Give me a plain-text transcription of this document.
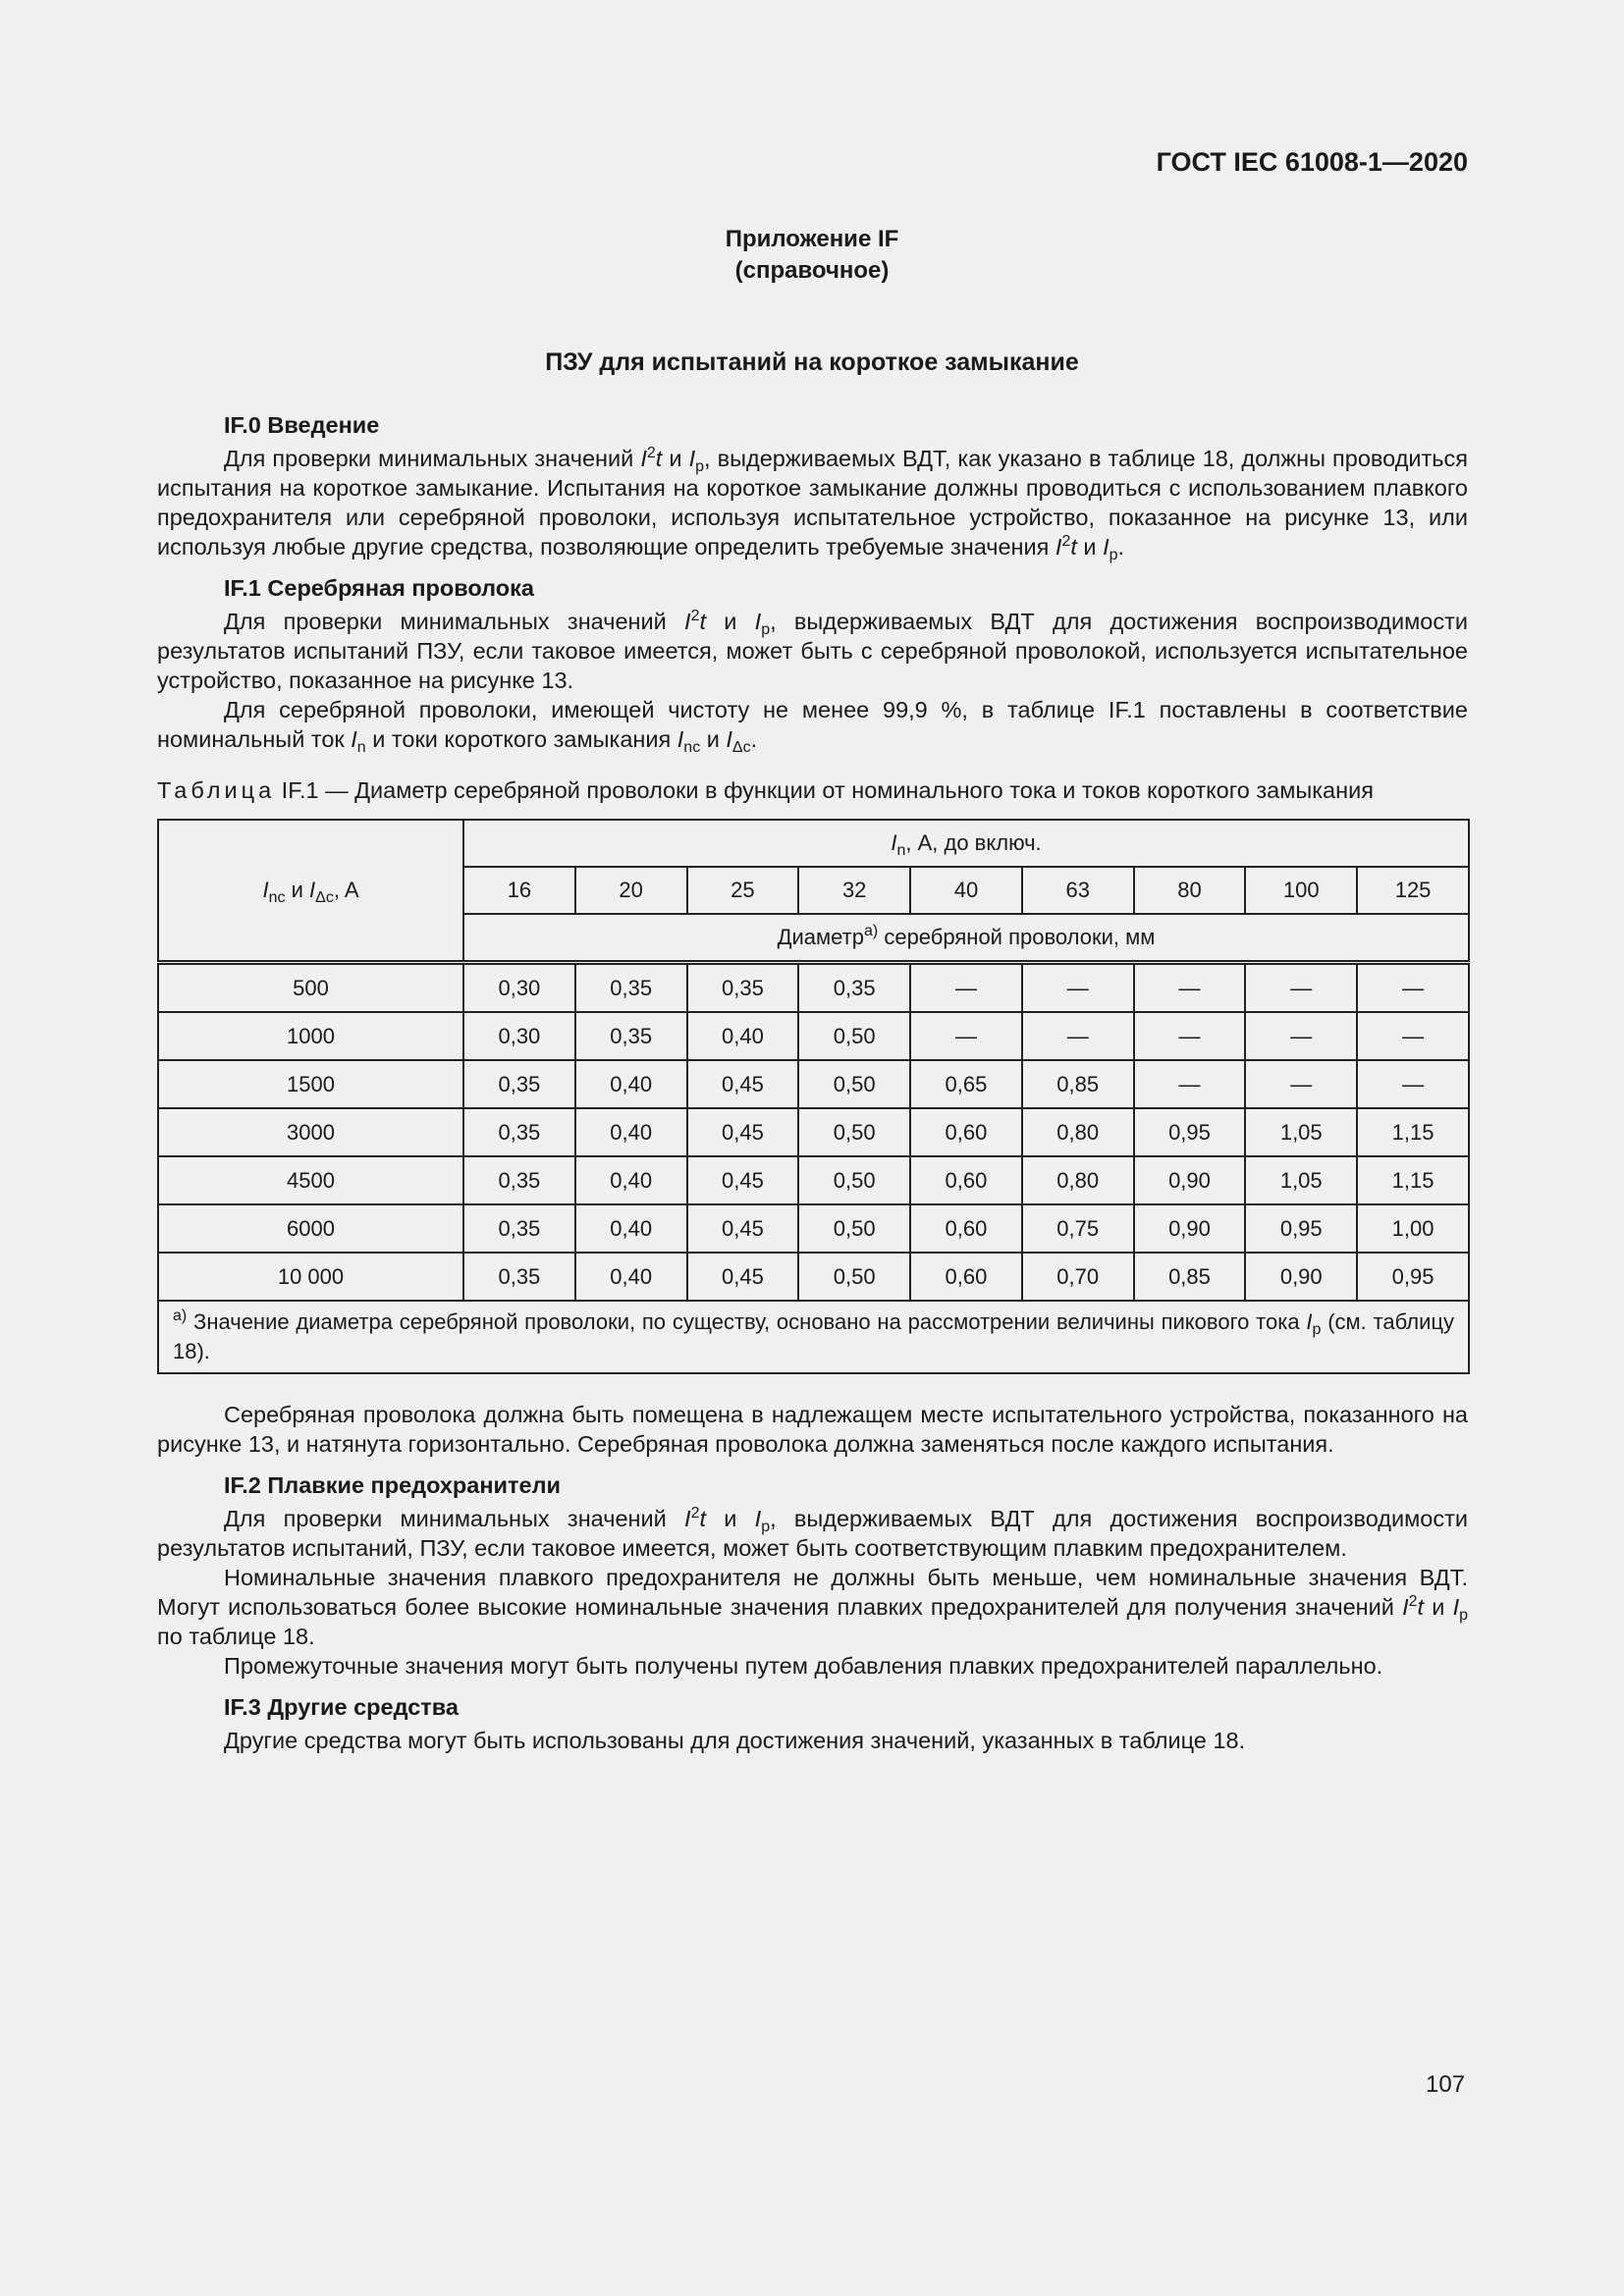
ГОСТ IEC 61008-1—2020
Приложение IF
(справочное)
ПЗУ для испытаний на короткое замыкание
IF.0 Введение

Для проверки минимальных значений $I^2t$ и $I_p$, выдерживаемых ВДТ, как указано в таблице 18, должны проводиться испытания на короткое замыкание. Испытания на короткое замыкание должны проводиться с использованием плавкого предохранителя или серебряной проволоки, используя испытательное устройство, показанное на рисунке 13, или используя любые другие средства, позволяющие определить требуемые значения $I^2t$ и $I_p$.

IF.1 Серебряная проволока

Для проверки минимальных значений $I^2t$ и $I_p$, выдерживаемых ВДТ для достижения воспроизводимости результатов испытаний ПЗУ, если таковое имеется, может быть с серебряной проволокой, используется испытательное устройство, показанное на рисунке 13.

Для серебряной проволоки, имеющей чистоту не менее 99,9 %, в таблице IF.1 поставлены в соответствие номинальный ток $I_n$ и токи короткого замыкания $I_{nc}$ и $I_{\Delta c}$.

Таблица IF.1 — Диаметр серебряной проволоки в функции от номинального тока и токов короткого замыкания
$I_{nc}$ и $I_{\Delta c}$, A	$I_n$, А, до включ.								
	16	20	25	32	40	63	80	100	125
	Диаметр$^{а)}$ серебряной проволоки, мм								
500	0,30	0,35	0,35	0,35	—	—	—	—	—
1000	0,30	0,35	0,40	0,50	—	—	—	—	—
1500	0,35	0,40	0,45	0,50	0,65	0,85	—	—	—
3000	0,35	0,40	0,45	0,50	0,60	0,80	0,95	1,05	1,15
4500	0,35	0,40	0,45	0,50	0,60	0,80	0,90	1,05	1,15
6000	0,35	0,40	0,45	0,50	0,60	0,75	0,90	0,95	1,00
10 000	0,35	0,40	0,45	0,50	0,60	0,70	0,85	0,90	0,95
$^{а)}$ Значение диаметра серебряной проволоки, по существу, основано на рассмотрении величины пикового тока $I_p$ (см. таблицу 18).									

Серебряная проволока должна быть помещена в надлежащем месте испытательного устройства, показанного на рисунке 13, и натянута горизонтально. Серебряная проволока должна заменяться после каждого испытания.

IF.2 Плавкие предохранители

Для проверки минимальных значений $I^2t$ и $I_p$, выдерживаемых ВДТ для достижения воспроизводимости результатов испытаний, ПЗУ, если таковое имеется, может быть соответствующим плавким предохранителем.

Номинальные значения плавкого предохранителя не должны быть меньше, чем номинальные значения ВДТ. Могут использоваться более высокие номинальные значения плавких предохранителей для получения значений $I^2t$ и $I_p$ по таблице 18.

Промежуточные значения могут быть получены путем добавления плавких предохранителей параллельно.

IF.3 Другие средства

Другие средства могут быть использованы для достижения значений, указанных в таблице 18.

107
